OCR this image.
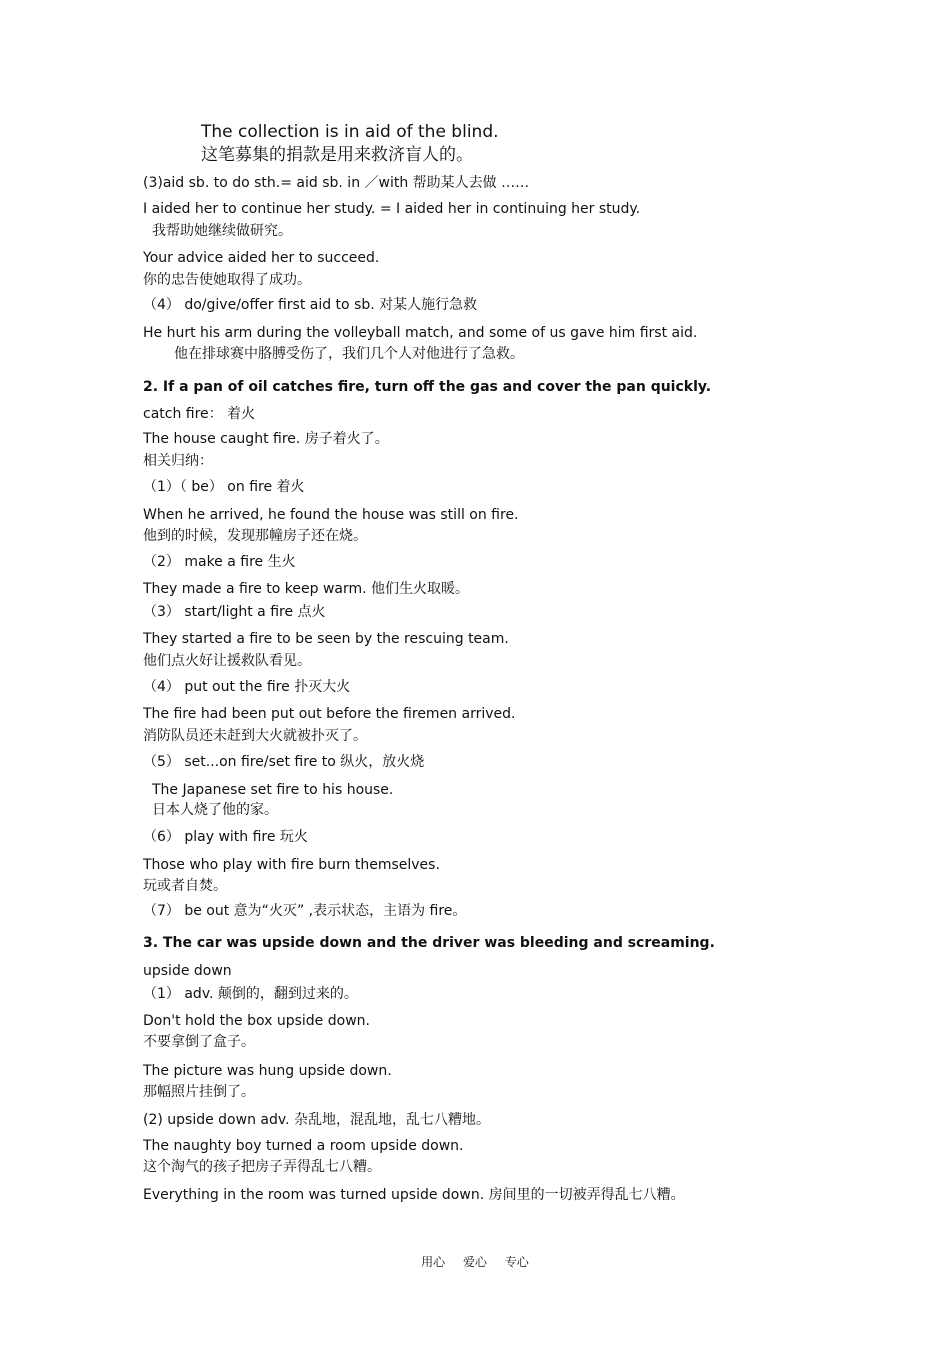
The collection is in aid of the blind.
这笔募集的捐款是用来救济盲人的。
(3)aid sb. to do sth.= aid sb. in ／with 帮助某人去做 ……
I aided her to continue her study. = I aided her in continuing her study.
我帮助她继续做研究。
Your advice aided her to succeed.
你的忠告使她取得了成功。
（4） do/give/offer first aid to sb. 对某人施行急救
He hurt his arm during the volleyball match, and some of us gave him first aid.
他在排球赛中胳膊受伤了，我们几个人对他进行了急救。
2. If a pan of oil catches fire, turn off the gas and cover the pan quickly.
catch fire： 着火
The house caught fire. 房子着火了。
相关归纳：
（1）（ be） on fire 着火
When he arrived, he found the house was still on fire.
他到的时候，发现那幢房子还在烧。
（2） make a fire 生火
They made a fire to keep warm. 他们生火取暖。
（3） start/light a fire 点火
They started a fire to be seen by the rescuing team.
他们点火好让援救队看见。
（4） put out the fire 扑灭大火
The fire had been put out before the firemen arrived.
消防队员还未赶到大火就被扑灭了。
（5） set...on fire/set fire to 纵火，放火烧
The Japanese set fire to his house.
日本人烧了他的家。
（6） play with fire 玩火
Those who play with fire burn themselves.
玩或者自焚。
（7） be out 意为“火灭” ,表示状态，主语为 fire。
3. The car was upside down and the driver was bleeding and screaming.
upside down
（1） adv. 颠倒的，翻到过来的。
Don't hold the box upside down.
不要拿倒了盒子。
The picture was hung upside down.
那幅照片挂倒了。
(2) upside down adv. 杂乱地，混乱地，乱七八糟地。
The naughty boy turned a room upside down.
这个淘气的孩子把房子弄得乱七八糟。
Everything in the room was turned upside down. 房间里的一切被弄得乱七八糟。
用心 爱心 专心
